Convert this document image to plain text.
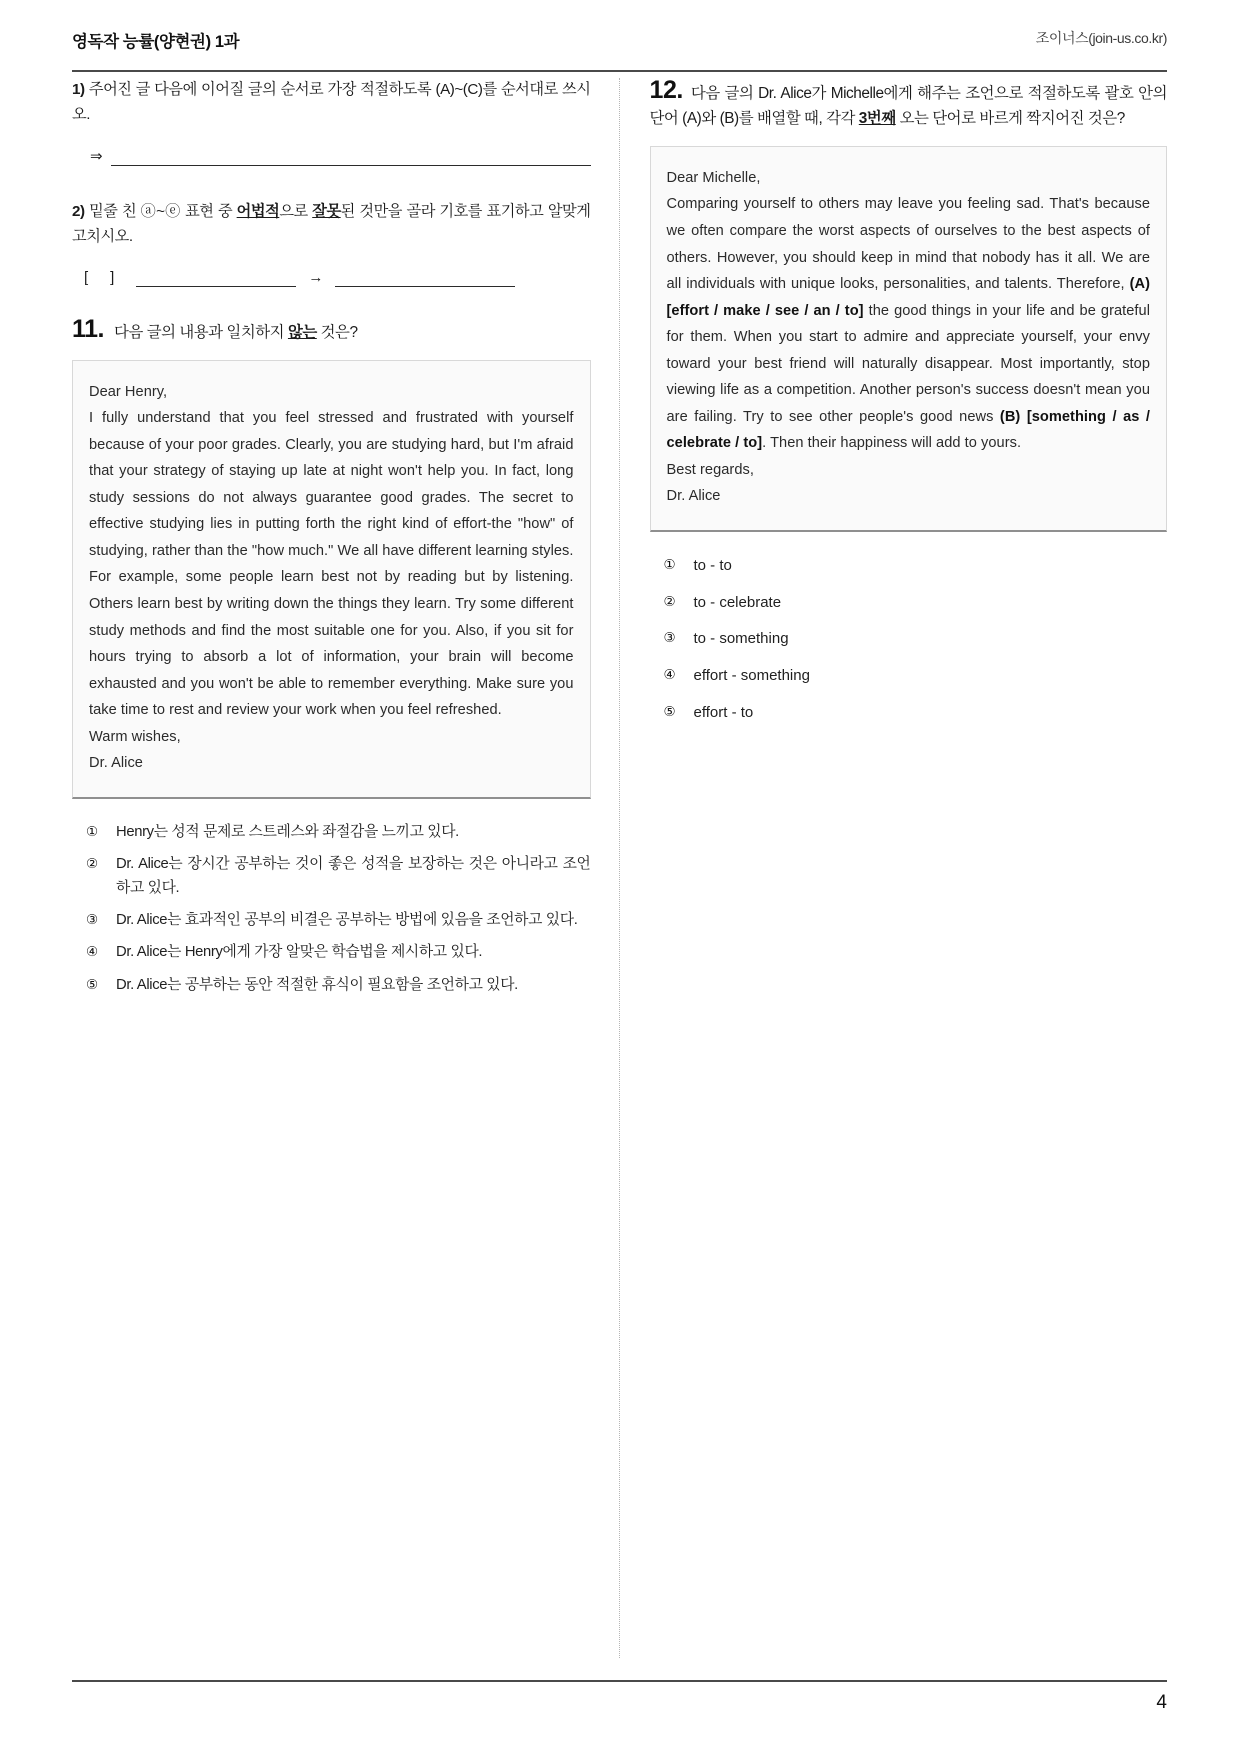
영독작 능률(양현권) 1과	조이너스(join-us.co.kr)

1) 주어진 글 다음에 이어질 글의 순서로 가장 적절하도록 (A)~(C)를 순서대로 쓰시오.

⇒

2) 밑줄 친 ⓐ~ⓔ 표현 중 어법적으로 잘못된 것만을 골라 기호를 표기하고 알맞게 고치시오.

[ ]	→
11. 다음 글의 내용과 일치하지 않는 것은?

Dear Henry,

I fully understand that you feel stressed and frustrated with yourself because of your poor grades. Clearly, you are studying hard, but I'm afraid that your strategy of staying up late at night won't help you. In fact, long study sessions do not always guarantee good grades. The secret to effective studying lies in putting forth the right kind of effort-the "how" of studying, rather than the "how much." We all have different learning styles. For example, some people learn best not by reading but by listening. Others learn best by writing down the things they learn. Try some different study methods and find the most suitable one for you. Also, if you sit for hours trying to absorb a lot of information, your brain will become exhausted and you won't be able to remember everything. Make sure you take time to rest and review your work when you feel refreshed.

Warm wishes,

Dr. Alice

①	Henry는 성적 문제로 스트레스와 좌절감을 느끼고 있다.
②	Dr. Alice는 장시간 공부하는 것이 좋은 성적을 보장하는 것은 아니라고 조언하고 있다.
③	Dr. Alice는 효과적인 공부의 비결은 공부하는 방법에 있음을 조언하고 있다.
④	Dr. Alice는 Henry에게 가장 알맞은 학습법을 제시하고 있다.
⑤	Dr. Alice는 공부하는 동안 적절한 휴식이 필요함을 조언하고 있다.

12. 다음 글의 Dr. Alice가 Michelle에게 해주는 조언으로 적절하도록 괄호 안의 단어 (A)와 (B)를 배열할 때, 각각 3번째 오는 단어로 바르게 짝지어진 것은?

Dear Michelle,

Comparing yourself to others may leave you feeling sad. That's because we often compare the worst aspects of ourselves to the best aspects of others. However, you should keep in mind that nobody has it all. We are all individuals with unique looks, personalities, and talents. Therefore, (A) [effort / make / see / an / to] the good things in your life and be grateful for them. When you start to admire and appreciate yourself, your envy toward your best friend will naturally disappear. Most importantly, stop viewing life as a competition. Another person's success doesn't mean you are failing. Try to see other people's good news (B) [something / as / celebrate / to]. Then their happiness will add to yours.

Best regards,

Dr. Alice

①	to - to
②	to - celebrate
③	to - something
④	effort - something
⑤	effort - to
4
